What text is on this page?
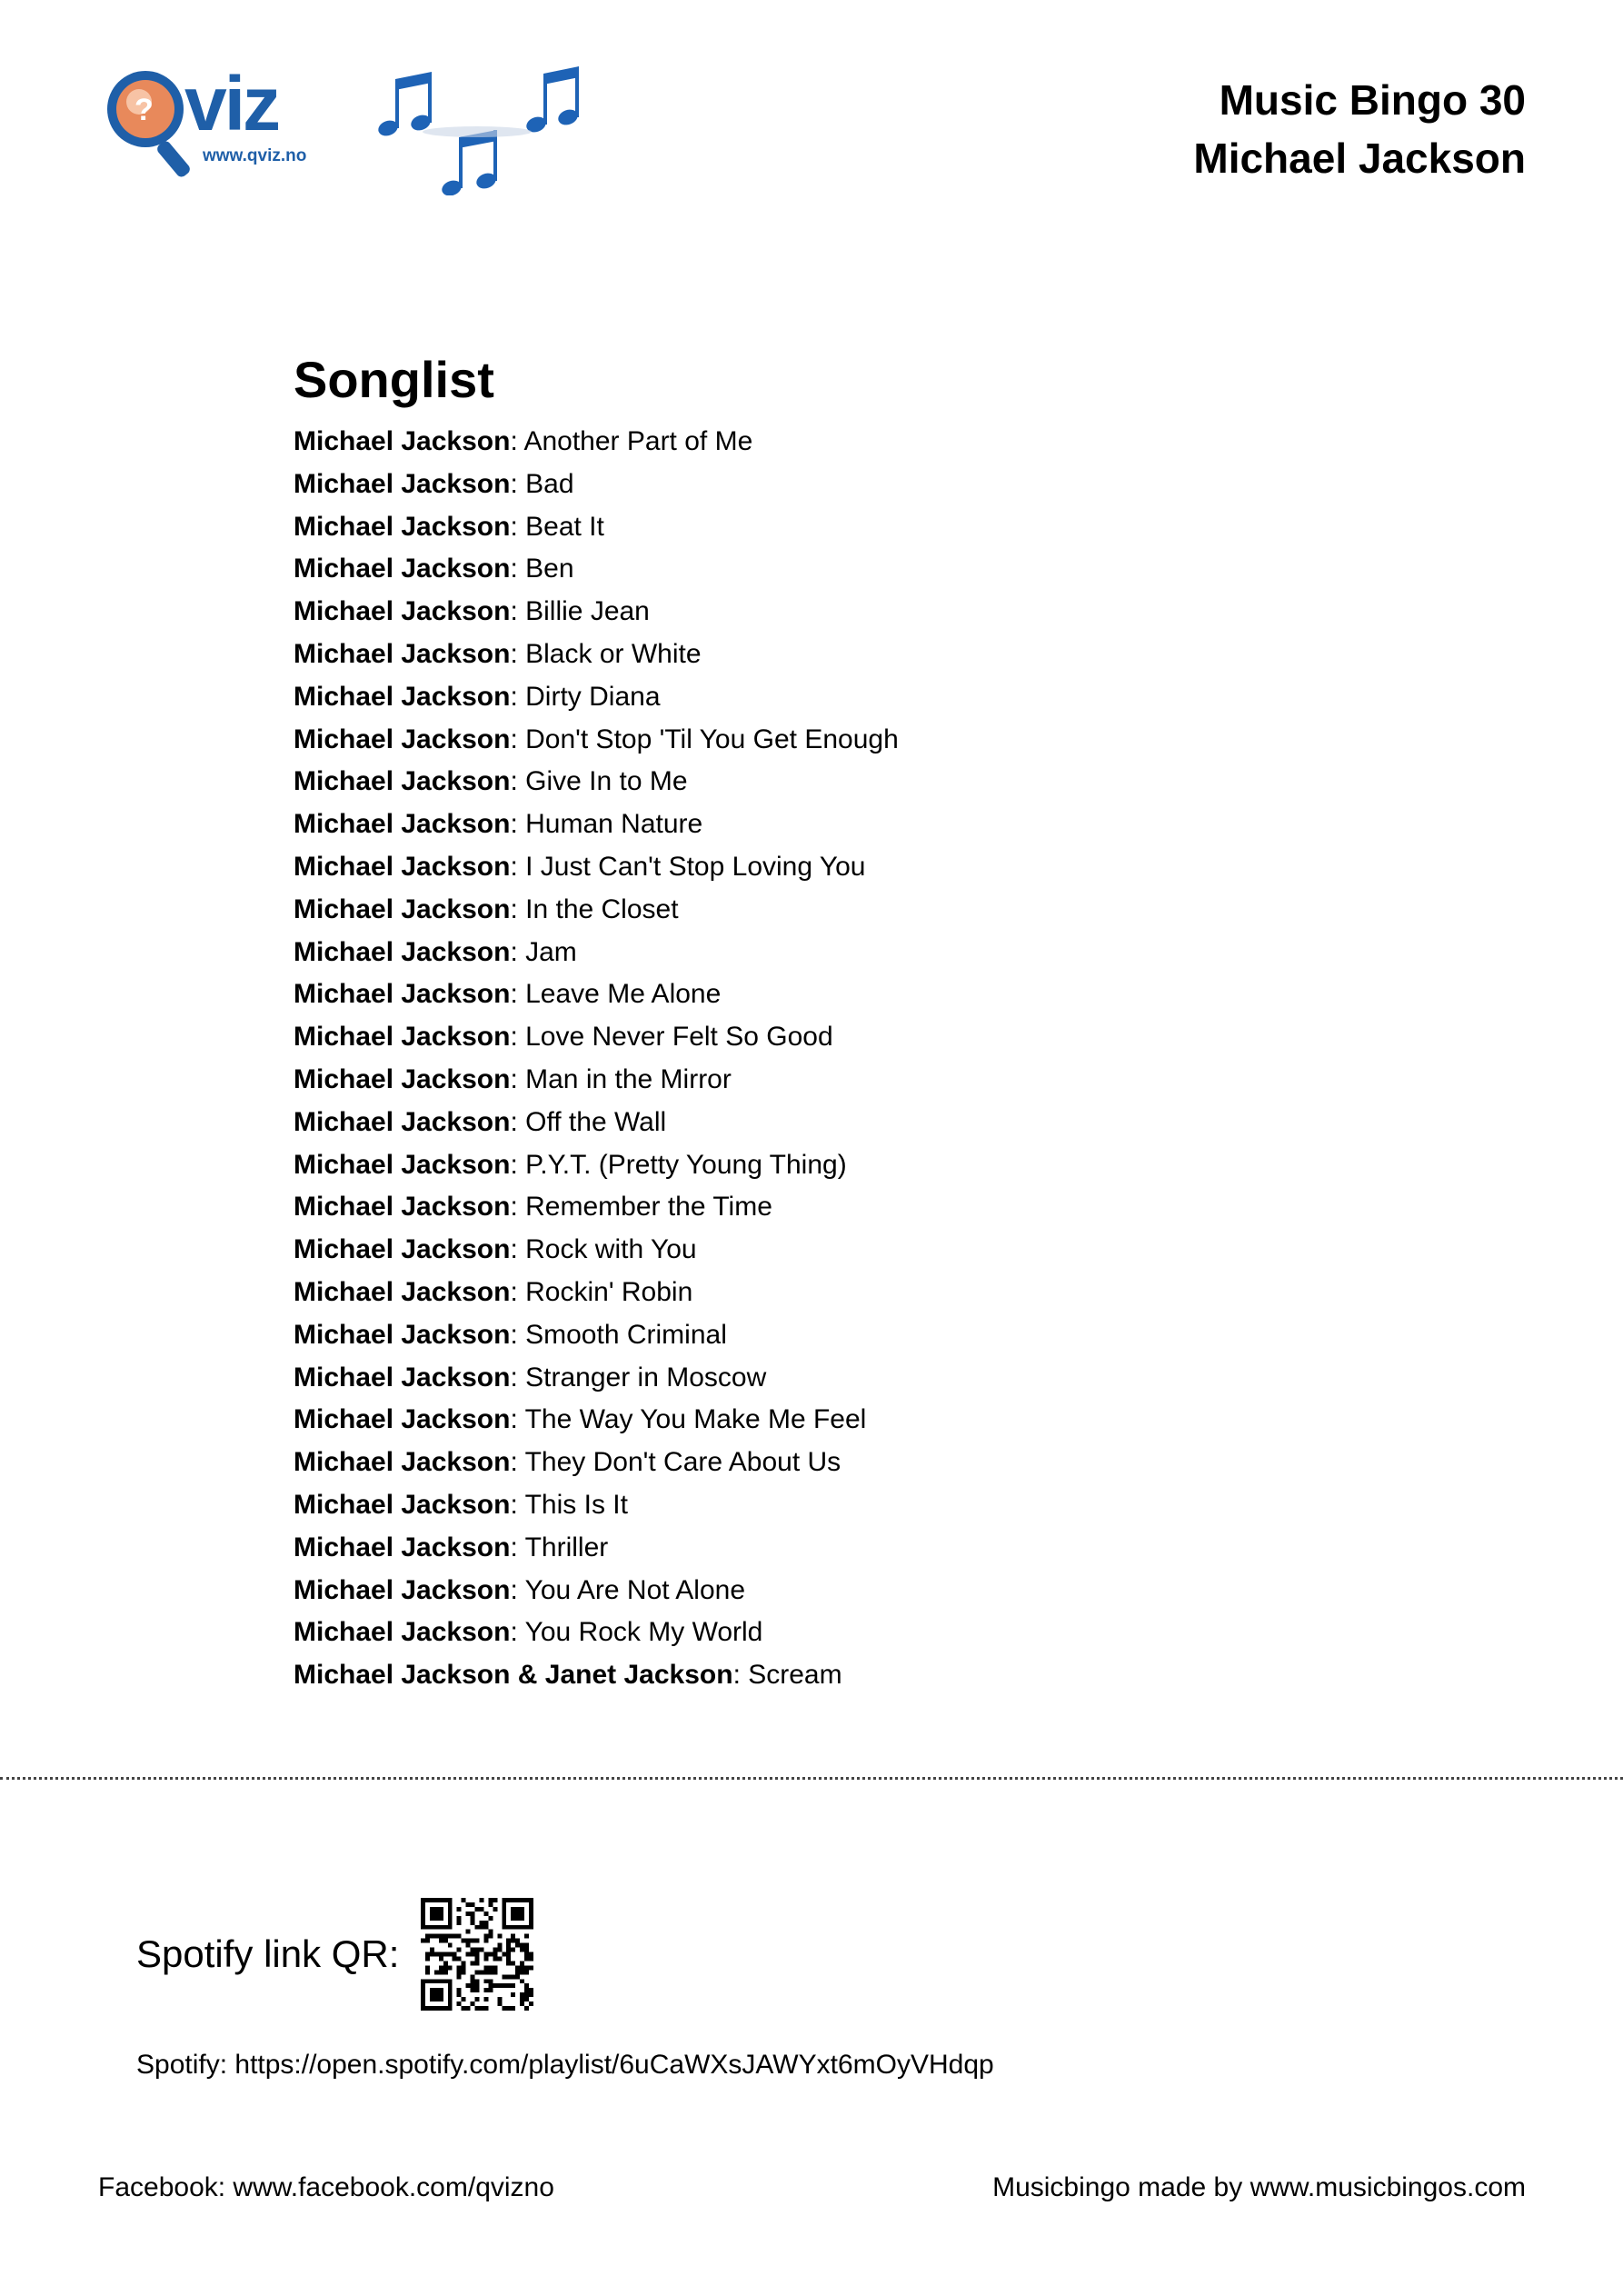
? viz
www.qviz.no
Music Bingo 30
Michael Jackson
Songlist
Michael Jackson: Another Part of Me
Michael Jackson: Bad
Michael Jackson: Beat It
Michael Jackson: Ben
Michael Jackson: Billie Jean
Michael Jackson: Black or White
Michael Jackson: Dirty Diana
Michael Jackson: Don't Stop 'Til You Get Enough
Michael Jackson: Give In to Me
Michael Jackson: Human Nature
Michael Jackson: I Just Can't Stop Loving You
Michael Jackson: In the Closet
Michael Jackson: Jam
Michael Jackson: Leave Me Alone
Michael Jackson: Love Never Felt So Good
Michael Jackson: Man in the Mirror
Michael Jackson: Off the Wall
Michael Jackson: P.Y.T. (Pretty Young Thing)
Michael Jackson: Remember the Time
Michael Jackson: Rock with You
Michael Jackson: Rockin' Robin
Michael Jackson: Smooth Criminal
Michael Jackson: Stranger in Moscow
Michael Jackson: The Way You Make Me Feel
Michael Jackson: They Don't Care About Us
Michael Jackson: This Is It
Michael Jackson: Thriller
Michael Jackson: You Are Not Alone
Michael Jackson: You Rock My World
Michael Jackson & Janet Jackson: Scream
Spotify link QR:
Spotify: https://open.spotify.com/playlist/6uCaWXsJAWYxt6mOyVHdqp
Facebook: www.facebook.com/qvizno	Musicbingo made by www.musicbingos.com
